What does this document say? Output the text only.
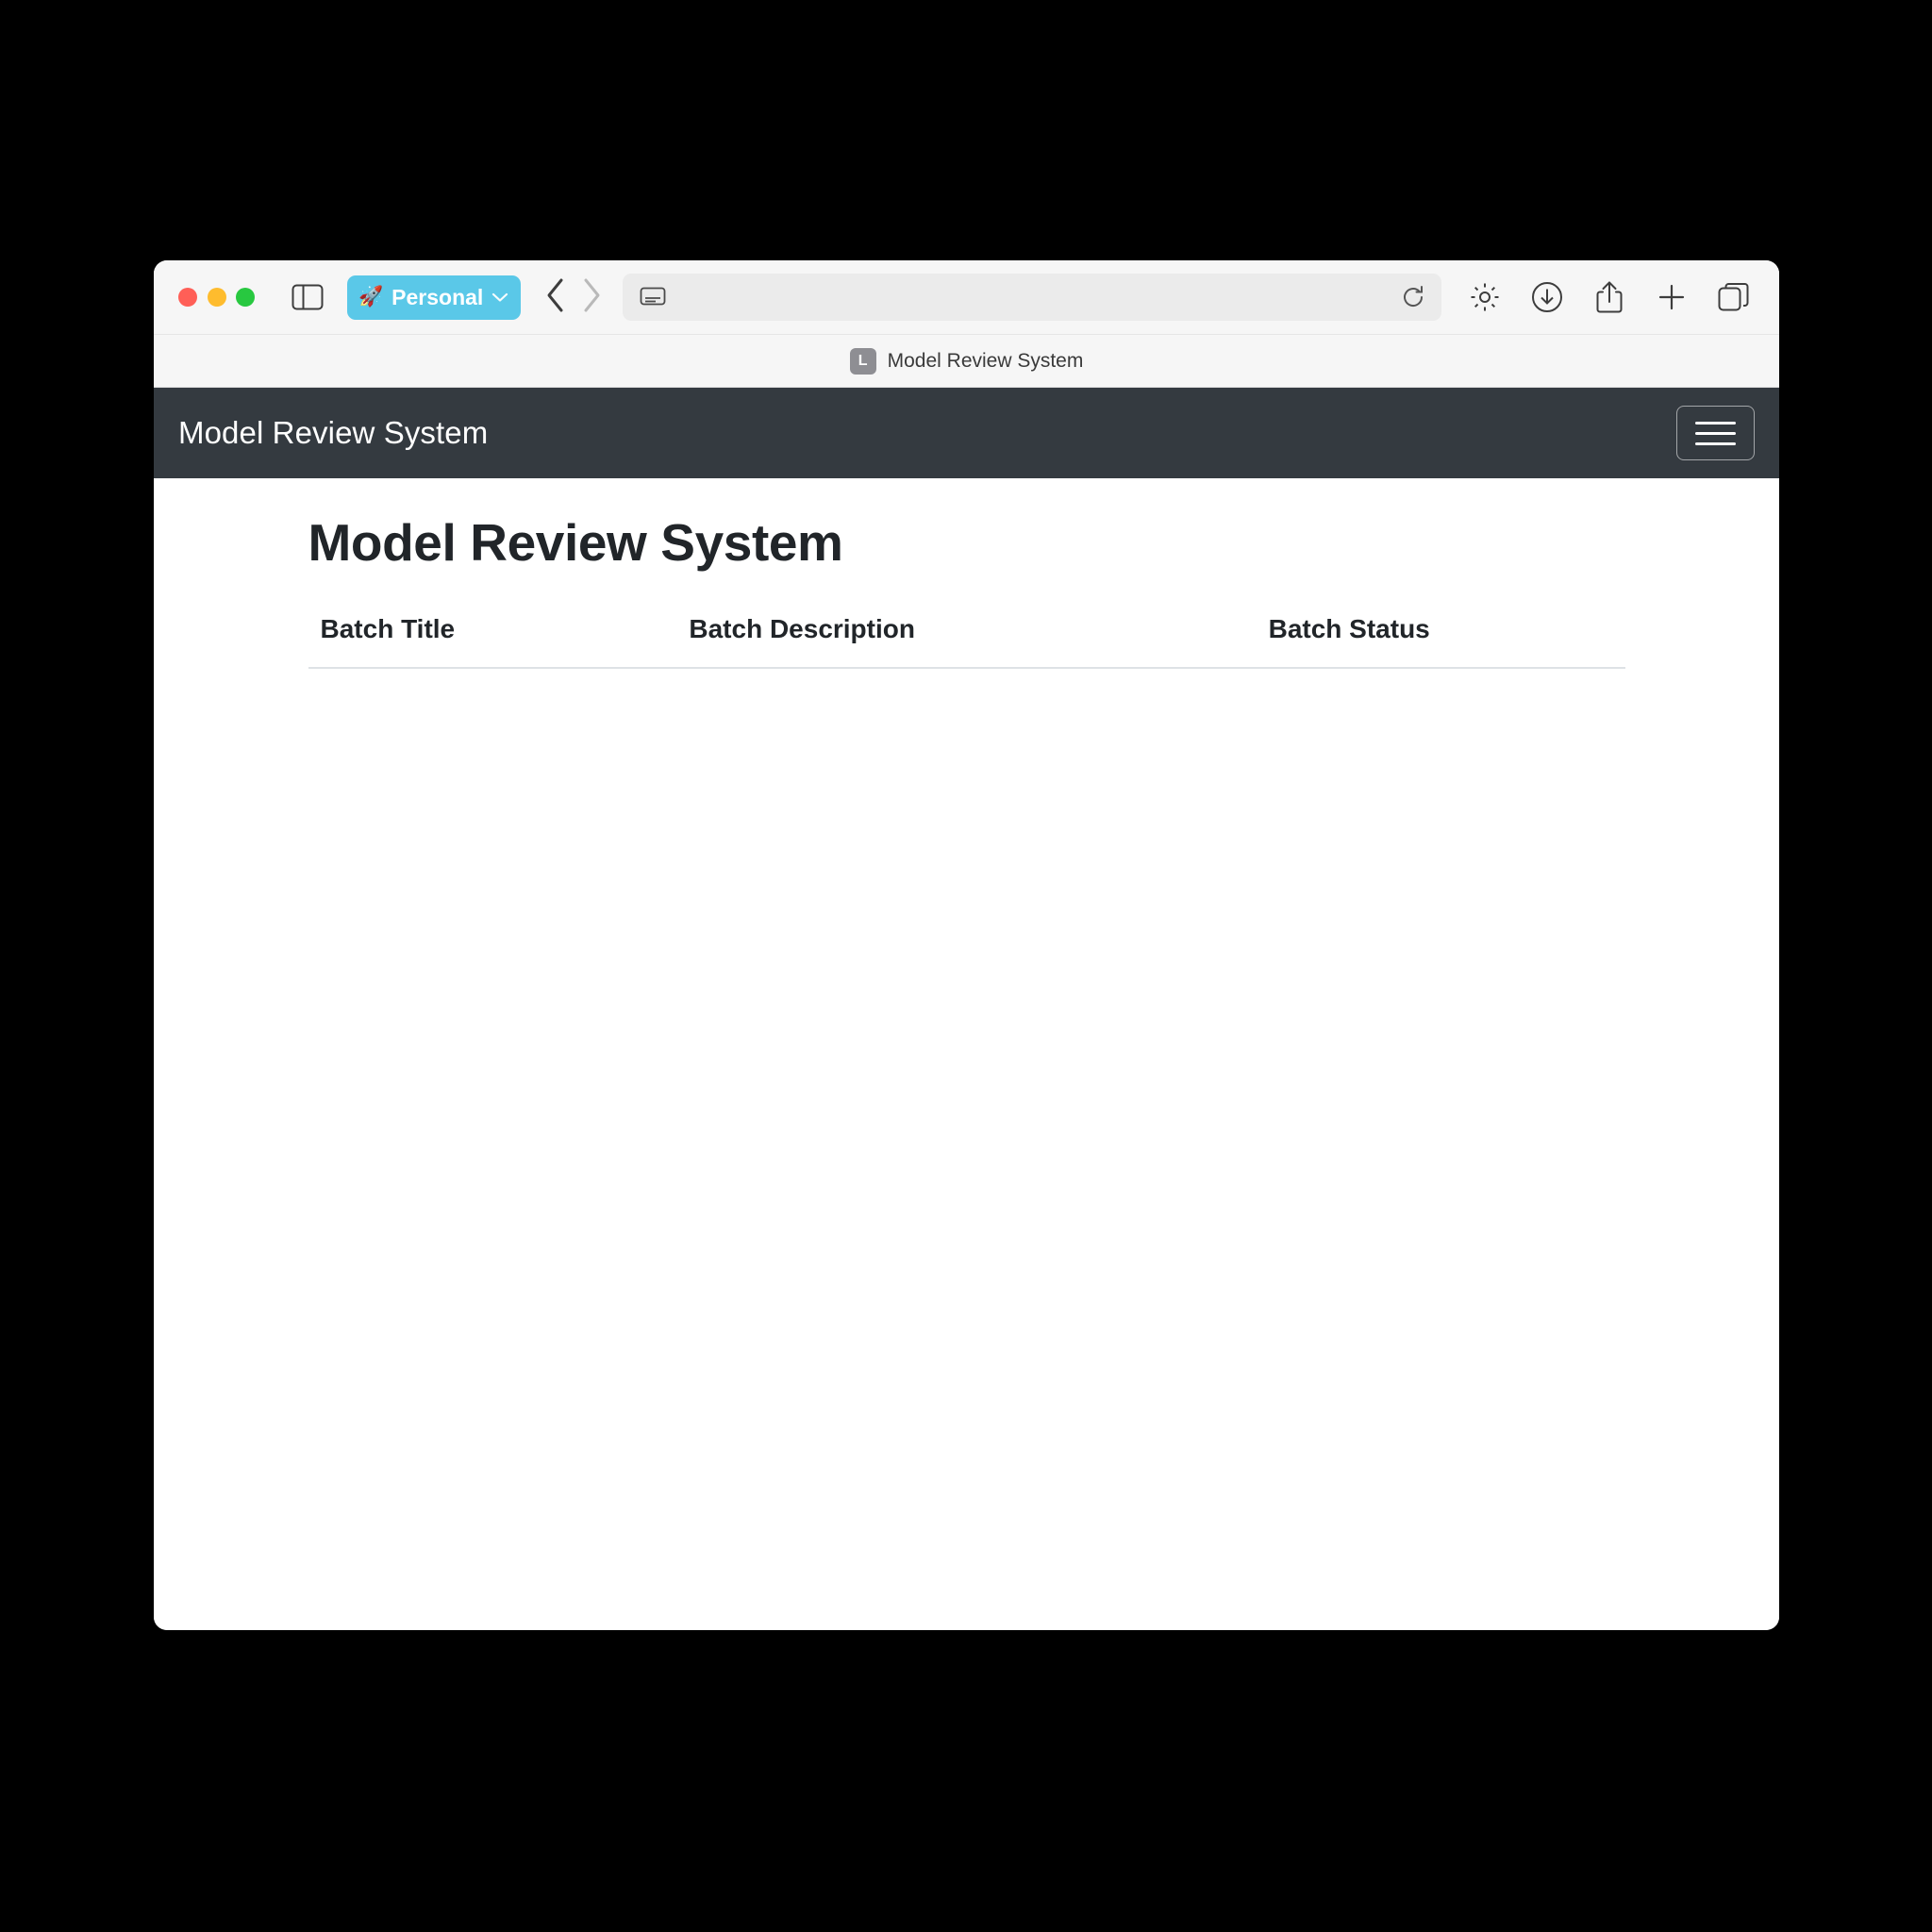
🚀 Personal
L	Model Review System
Model Review System
Model Review System
Batch Title	Batch Description	Batch Status
